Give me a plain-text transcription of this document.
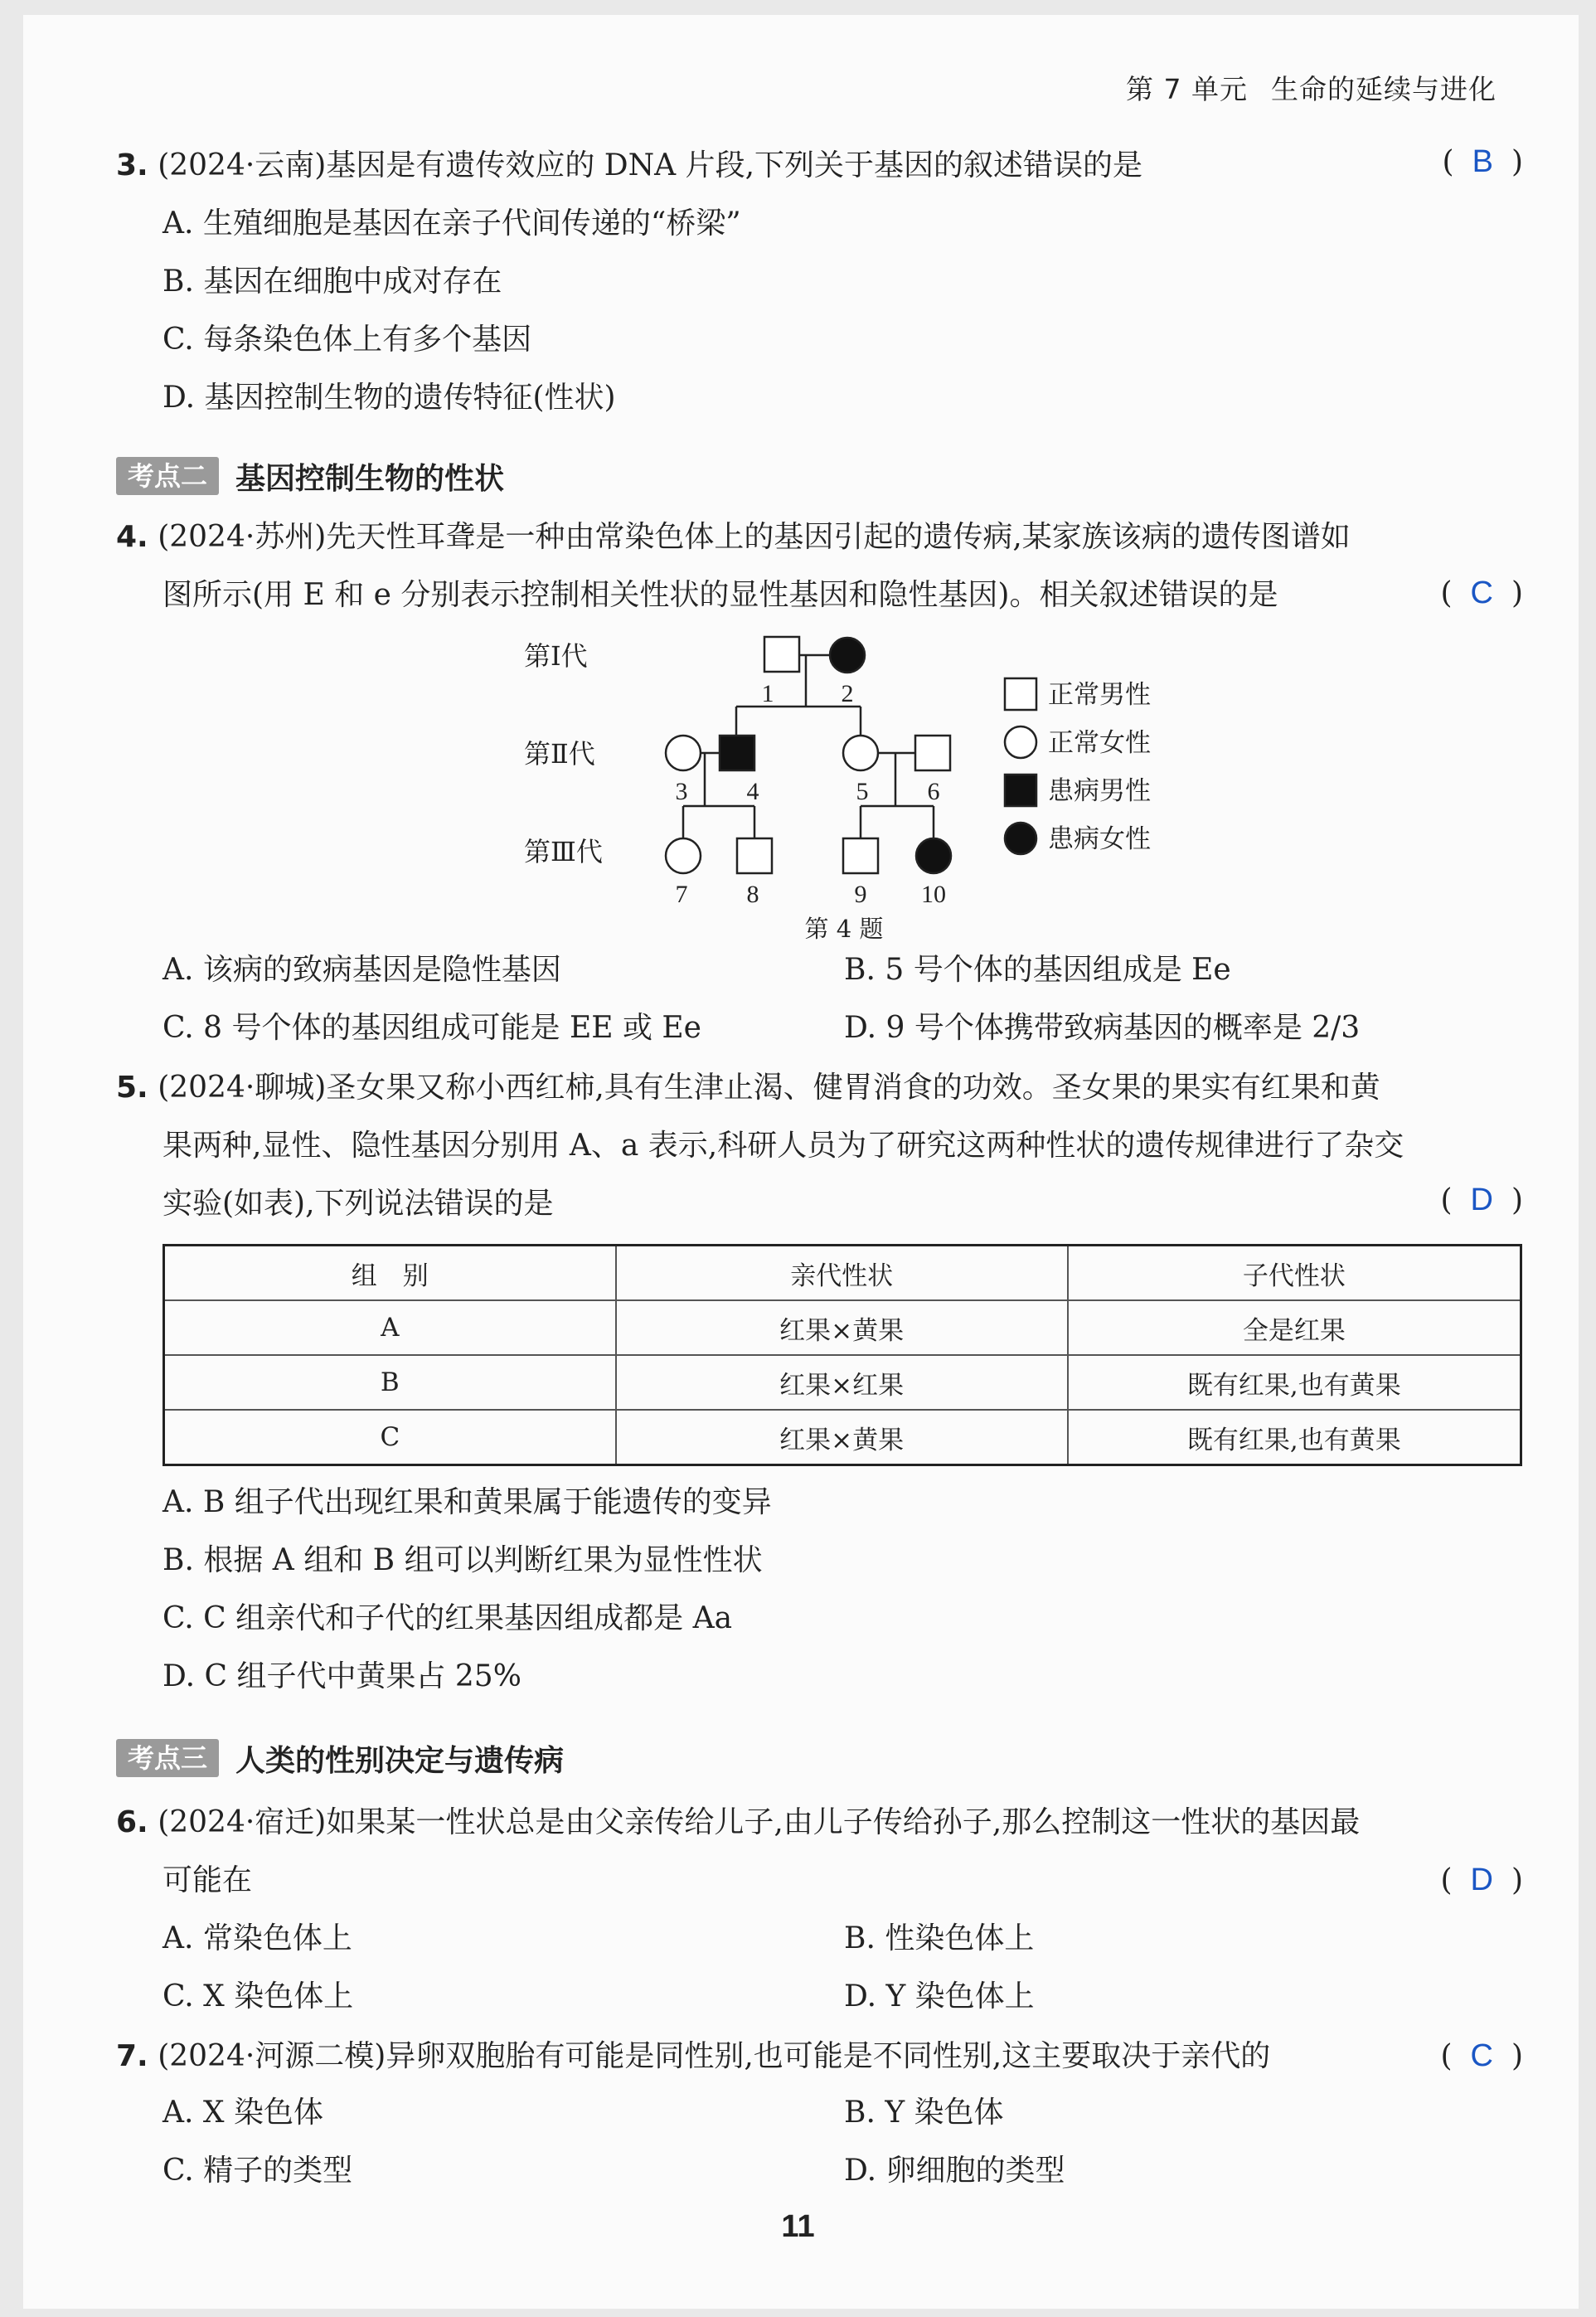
第 7 单元 生命的延续与进化
3. (2024·云南)基因是有遗传效应的 DNA 片段,下列关于基因的叙述错误的是	( B )
A. 生殖细胞是基因在亲子代间传递的“桥梁”
B. 基因在细胞中成对存在
C. 每条染色体上有多个基因
D. 基因控制生物的遗传特征(性状)
考点二 基因控制生物的性状
4. (2024·苏州)先天性耳聋是一种由常染色体上的基因引起的遗传病,某家族该病的遗传图谱如
图所示(用 E 和 e 分别表示控制相关性状的显性基因和隐性基因)。相关叙述错误的是	( C )
第Ⅰ代
第Ⅱ代
第Ⅲ代
1	2
3 4	5 6
7 8	9 10
正常男性
正常女性
患病男性
患病女性
第 4 题
A. 该病的致病基因是隐性基因	B. 5 号个体的基因组成是 Ee
C. 8 号个体的基因组成可能是 EE 或 Ee	D. 9 号个体携带致病基因的概率是 2/3
5. (2024·聊城)圣女果又称小西红柿,具有生津止渴、健胃消食的功效。圣女果的果实有红果和黄
果两种,显性、隐性基因分别用 A、a 表示,科研人员为了研究这两种性状的遗传规律进行了杂交
实验(如表),下列说法错误的是	( D )
组　别	亲代性状	子代性状
A	红果×黄果	全是红果
B	红果×红果	既有红果,也有黄果
C	红果×黄果	既有红果,也有黄果
A. B 组子代出现红果和黄果属于能遗传的变异
B. 根据 A 组和 B 组可以判断红果为显性性状
C. C 组亲代和子代的红果基因组成都是 Aa
D. C 组子代中黄果占 25%
考点三 人类的性别决定与遗传病
6. (2024·宿迁)如果某一性状总是由父亲传给儿子,由儿子传给孙子,那么控制这一性状的基因最
可能在	( D )
A. 常染色体上	B. 性染色体上
C. X 染色体上	D. Y 染色体上
7. (2024·河源二模)异卵双胞胎有可能是同性别,也可能是不同性别,这主要取决于亲代的	( C )
A. X 染色体	B. Y 染色体
C. 精子的类型	D. 卵细胞的类型
11
